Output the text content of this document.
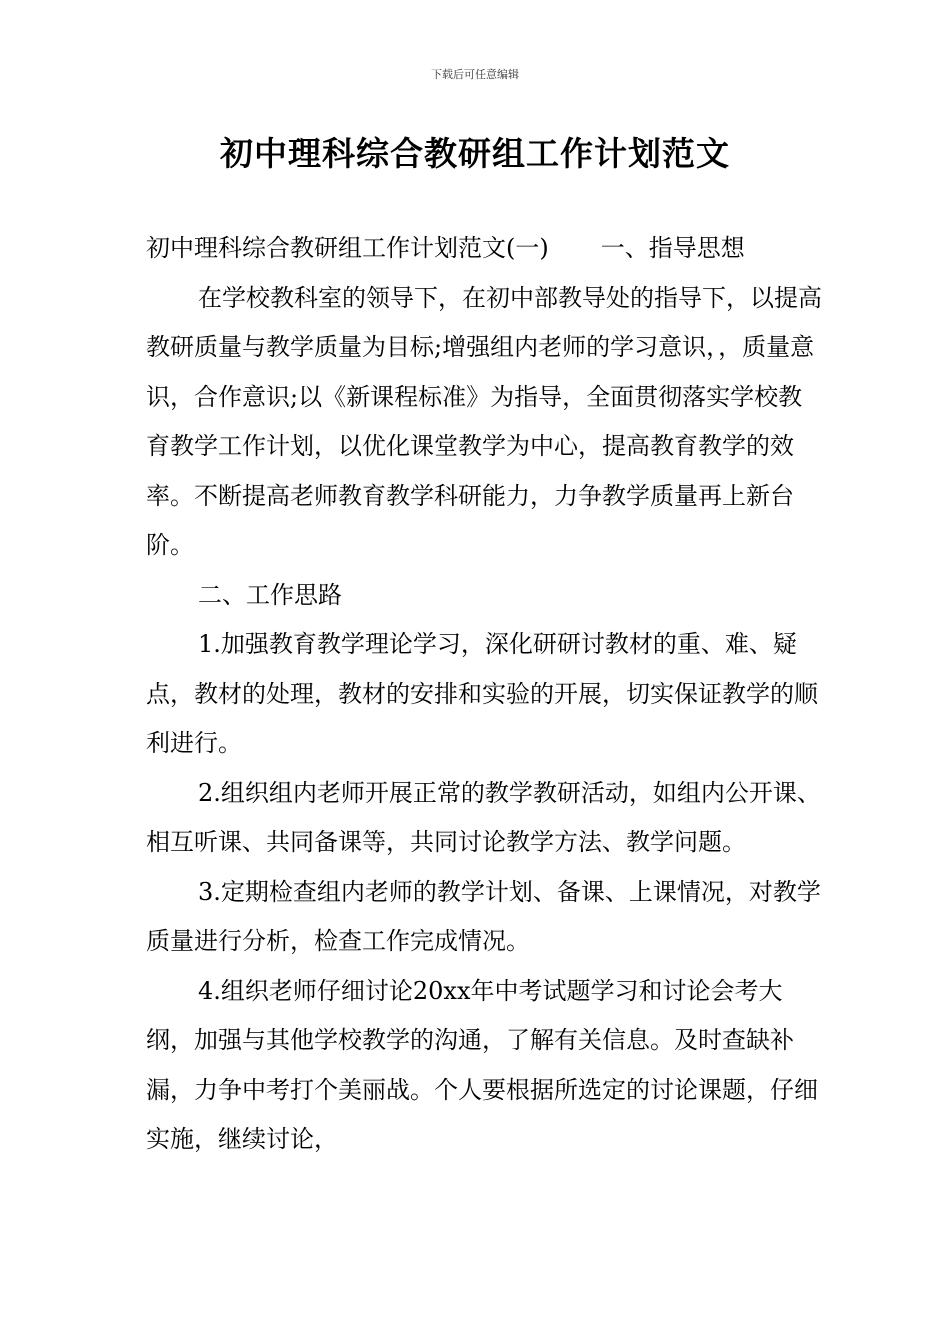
下载后可任意编辑
初中理科综合教研组工作计划范文

初中理科综合教研组工作计划范文(一) 一、指导思想

在学校教科室的领导下，在初中部教导处的指导下，以提高教研质量与教学质量为目标;增强组内老师的学习意识，，质量意识，合作意识;以《新课程标准》为指导，全面贯彻落实学校教育教学工作计划，以优化课堂教学为中心，提高教育教学的效率。不断提高老师教育教学科研能力，力争教学质量再上新台阶。

二、工作思路

1.加强教育教学理论学习，深化研研讨教材的重、难、疑点，教材的处理，教材的安排和实验的开展，切实保证教学的顺利进行。

2.组织组内老师开展正常的教学教研活动，如组内公开课、相互听课、共同备课等，共同讨论教学方法、教学问题。

3.定期检查组内老师的教学计划、备课、上课情况，对教学质量进行分析，检查工作完成情况。

4.组织老师仔细讨论20xx年中考试题学习和讨论会考大纲，加强与其他学校教学的沟通，了解有关信息。及时查缺补漏，力争中考打个美丽战。个人要根据所选定的讨论课题，仔细实施，继续讨论，
